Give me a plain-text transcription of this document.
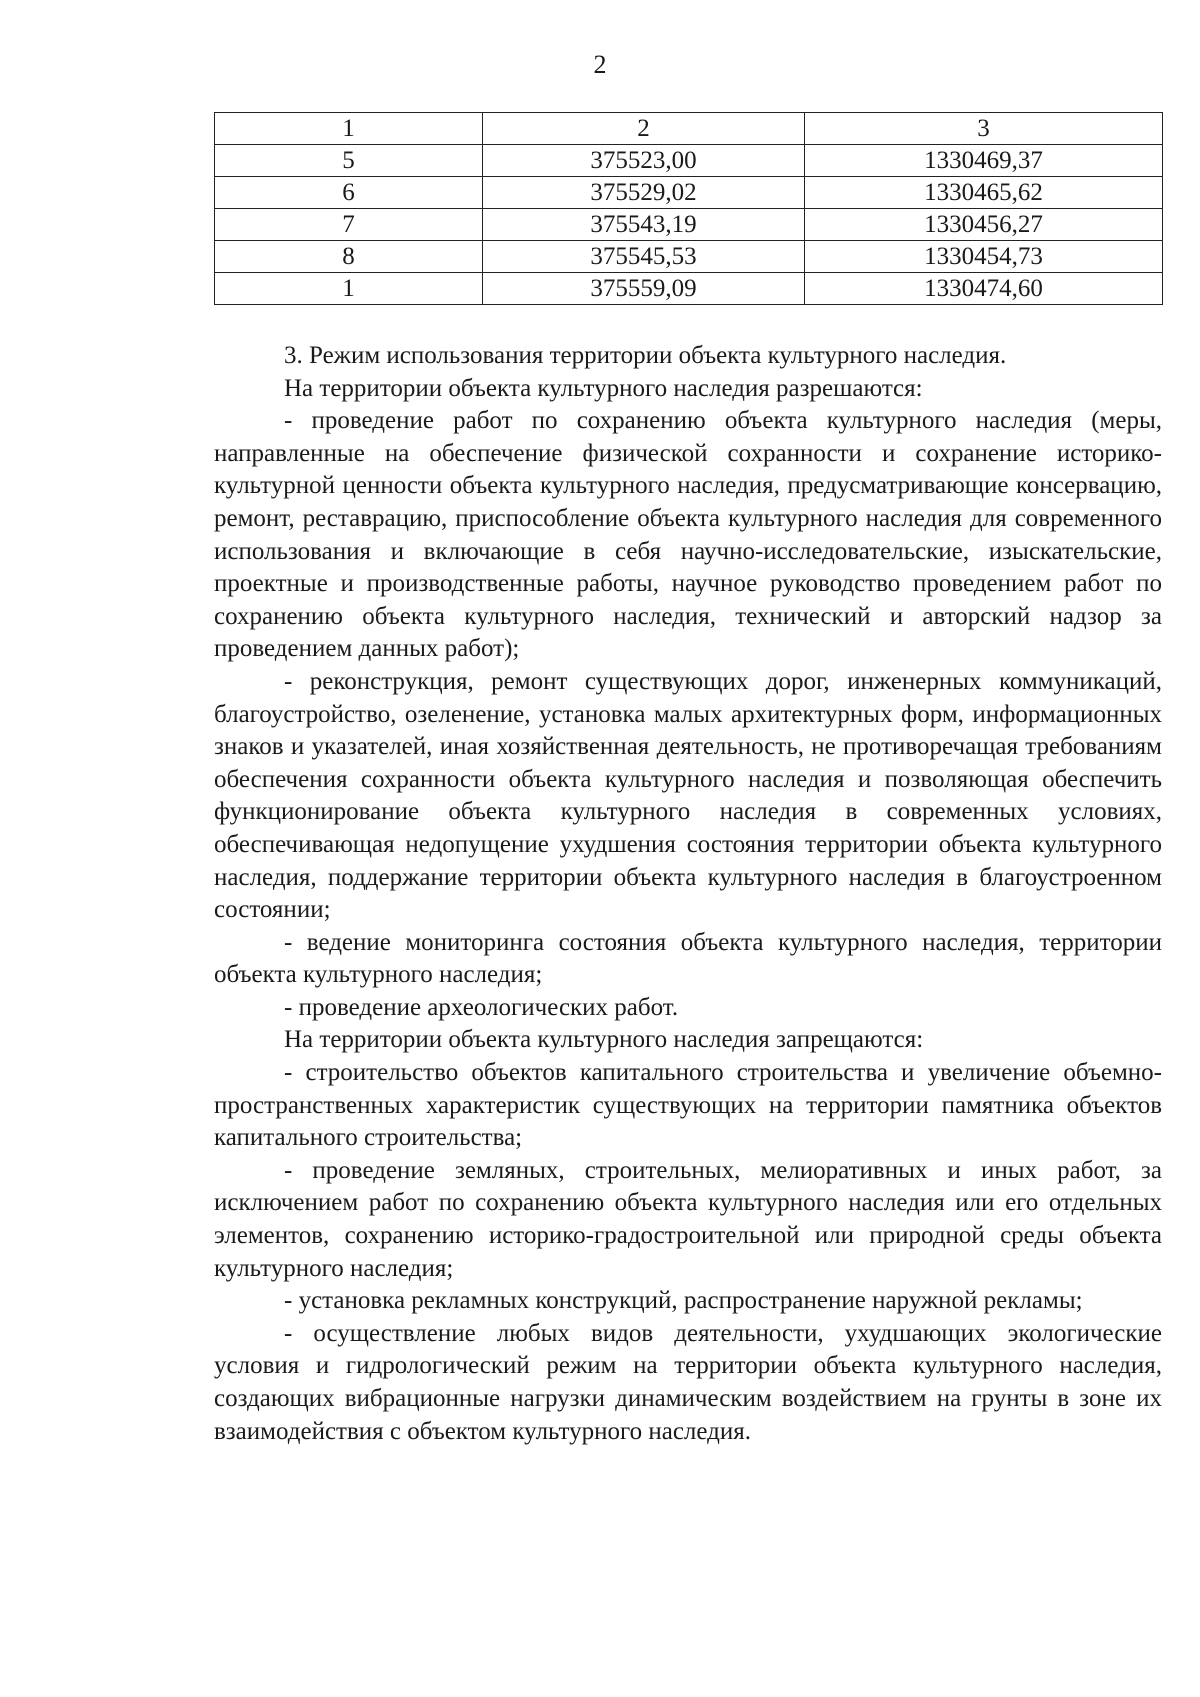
2
1	2	3
5	375523,00	1330469,37
6	375529,02	1330465,62
7	375543,19	1330456,27
8	375545,53	1330454,73
1	375559,09	1330474,60

3. Режим использования территории объекта культурного наследия.

На территории объекта культурного наследия разрешаются:

- проведение работ по сохранению объекта культурного наследия (меры, направленные на обеспечение физической сохранности и сохранение историко-культурной ценности объекта культурного наследия, предусматривающие консервацию, ремонт, реставрацию, приспособление объекта культурного наследия для современного использования и включающие в себя научно-исследовательские, изыскательские, проектные и производственные работы, научное руководство проведением работ по сохранению объекта культурного наследия, технический и авторский надзор за проведением данных работ);

- реконструкция, ремонт существующих дорог, инженерных коммуникаций, благоустройство, озеленение, установка малых архитектурных форм, информационных знаков и указателей, иная хозяйственная деятельность, не противоречащая требованиям обеспечения сохранности объекта культурного наследия и позволяющая обеспечить функционирование объекта культурного наследия в современных условиях, обеспечивающая недопущение ухудшения состояния территории объекта культурного наследия, поддержание территории объекта культурного наследия в благоустроенном состоянии;

- ведение мониторинга состояния объекта культурного наследия, территории объекта культурного наследия;

- проведение археологических работ.

На территории объекта культурного наследия запрещаются:

- строительство объектов капитального строительства и увеличение объемно-пространственных характеристик существующих на территории памятника объектов капитального строительства;

- проведение земляных, строительных, мелиоративных и иных работ, за исключением работ по сохранению объекта культурного наследия или его отдельных элементов, сохранению историко-градостроительной или природной среды объекта культурного наследия;

- установка рекламных конструкций, распространение наружной рекламы;

- осуществление любых видов деятельности, ухудшающих экологические условия и гидрологический режим на территории объекта культурного наследия, создающих вибрационные нагрузки динамическим воздействием на грунты в зоне их взаимодействия с объектом культурного наследия.
